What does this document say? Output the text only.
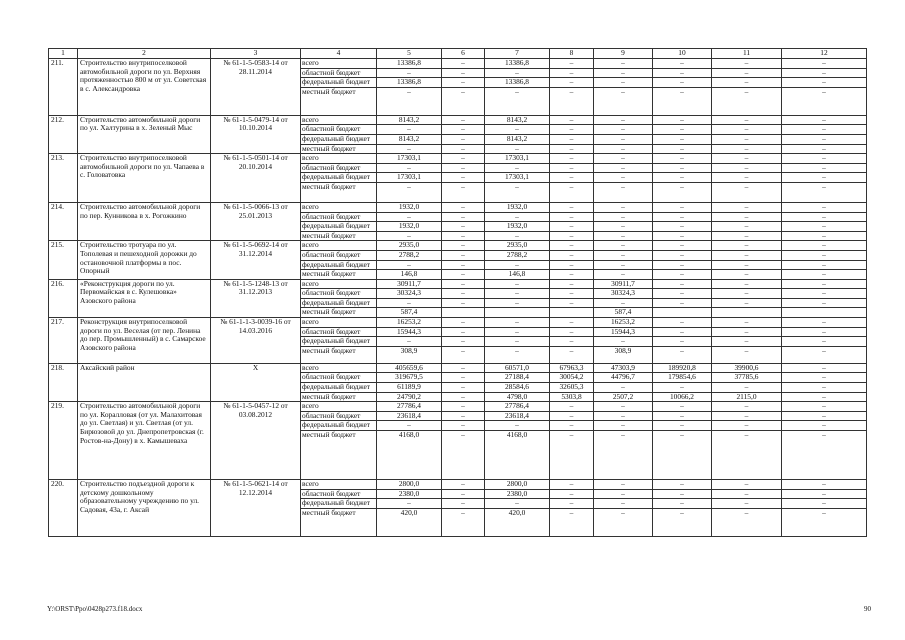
1	2	3	4	5	6	7	8	9	10	11	12
211.	Строительство внутрипоселковой автомобильной дороги по ул. Верхняя протяженностью 800 м от ул. Советская в с. Александровка	№ 61-1-5-0583-14 от 28.11.2014	всего	13386,8	–	13386,8	–	–	–	–	–
			областной бюджет	–	–	–	–	–	–	–	–
			федеральный бюджет	13386,8	–	13386,8	–	–	–	–	–
			местный бюджет	–	–	–	–	–	–	–	–
212.	Строительство автомобильной дороги по ул. Халтурина в х. Зеленый Мыс	№ 61-1-5-0479-14 от 10.10.2014	всего	8143,2	–	8143,2	–	–	–	–	–
			областной бюджет	–	–	–	–	–	–	–	–
			федеральный бюджет	8143,2	–	8143,2	–	–	–	–	–
			местный бюджет	–	–	–	–	–	–	–	–
213.	Строительство внутрипоселковой автомобильной дороги по ул. Чапаева в с. Головатовка	№ 61-1-5-0501-14 от 20.10.2014	всего	17303,1	–	17303,1	–	–	–	–	–
			областной бюджет	–	–	–	–	–	–	–	–
			федеральный бюджет	17303,1	–	17303,1	–	–	–	–	–
			местный бюджет	–	–	–	–	–	–	–	–
214.	Строительство автомобильной дороги по пер. Кунникова в х. Рогожкино	№ 61-1-5-0066-13 от 25.01.2013	всего	1932,0	–	1932,0	–	–	–	–	–
			областной бюджет	–	–	–	–	–	–	–	–
			федеральный бюджет	1932,0	–	1932,0	–	–	–	–	–
			местный бюджет	–	–	–	–	–	–	–	–
215.	Строительство тротуара по ул. Тополевая и пешеходной дорожки до остановочной платформы в пос. Опорный	№ 61-1-5-0692-14 от 31.12.2014	всего	2935,0	–	2935,0	–	–	–	–	–
			областной бюджет	2788,2	–	2788,2	–	–	–	–	–
			федеральный бюджет	–	–	–	–	–	–	–	–
			местный бюджет	146,8	–	146,8	–	–	–	–	–
216.	«Реконструкция дороги по ул. Первомайская в с. Кулешовка» Азовского района	№ 61-1-5-1248-13 от 31.12.2013	всего	30911,7	–	–	–	30911,7	–	–	–
			областной бюджет	30324,3	–	–	–	30324,3	–	–	–
			федеральный бюджет	–	–	–	–	–	–	–	–
			местный бюджет	587,4				587,4			
217.	Реконструкция внутрипоселковой дороги по ул. Веселая (от пер. Ленина до пер. Промышленный) в с. Самарское Азовского района	№ 61-1-1-3-0039-16 от 14.03.2016	всего	16253,2	–	–	–	16253,2	–	–	–
			областной бюджет	15944,3	–	–	–	15944,3	–	–	–
			федеральный бюджет	–	–	–	–	–	–	–	–
			местный бюджет	308,9	–	–	–	308,9	–	–	–
218.	Аксайский район	Х	всего	405659,6	–	60571,0	67963,3	47303,9	189920,8	39900,6	–
			областной бюджет	319679,5	–	27188,4	30054,2	44796,7	179854,6	37785,6	–
			федеральный бюджет	61189,9	–	28584,6	32605,3	–	–	–	–
			местный бюджет	24790,2	–	4798,0	5303,8	2507,2	10066,2	2115,0	–
219.	Строительство автомобильной дороги по ул. Коралловая (от ул. Малахитовая до ул. Светлая) и ул. Светлая (от ул. Бирюзовой до ул. Днепропетровская (г. Ростов-на-Дону) в х. Камышеваха	№ 61-1-5-0457-12 от 03.08.2012	всего	27786,4	–	27786,4	–	–	–	–	–
			областной бюджет	23618,4	–	23618,4	–	–	–	–	–
			федеральный бюджет	–	–	–	–	–	–	–	–
			местный бюджет	4168,0	–	4168,0	–	–	–	–	–
220.	Строительство подъездной дороги к детскому дошкольному образовательному учреждению по ул. Садовая, 43а, г. Аксай	№ 61-1-5-0621-14 от 12.12.2014	всего	2800,0	–	2800,0	–	–	–	–	–
			областной бюджет	2380,0	–	2380,0	–	–	–	–	–
			федеральный бюджет	–	–	–	–	–	–	–	–
			местный бюджет	420,0	–	420,0	–	–	–	–	–
Y:\ORST\Ppo\0428p273.f18.docx	90
